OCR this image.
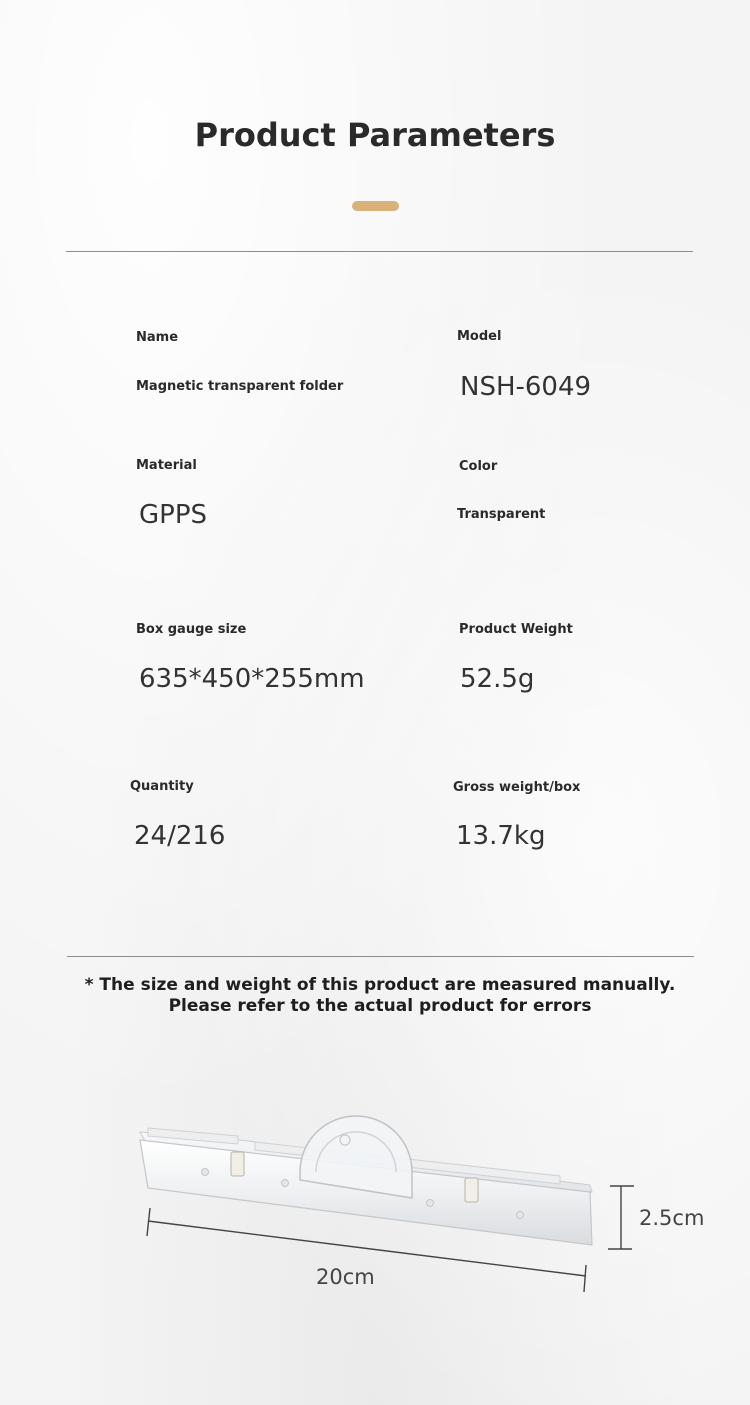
Product Parameters
Name
Magnetic transparent folder
Model
NSH-6049
Material
GPPS
Color
Transparent
Box gauge size
635*450*255mm
Product Weight
52.5g
Quantity
24/216
Gross weight/box
13.7kg
* The size and weight of this product are measured manually. Please refer to the actual product for errors
2.5cm
20cm
